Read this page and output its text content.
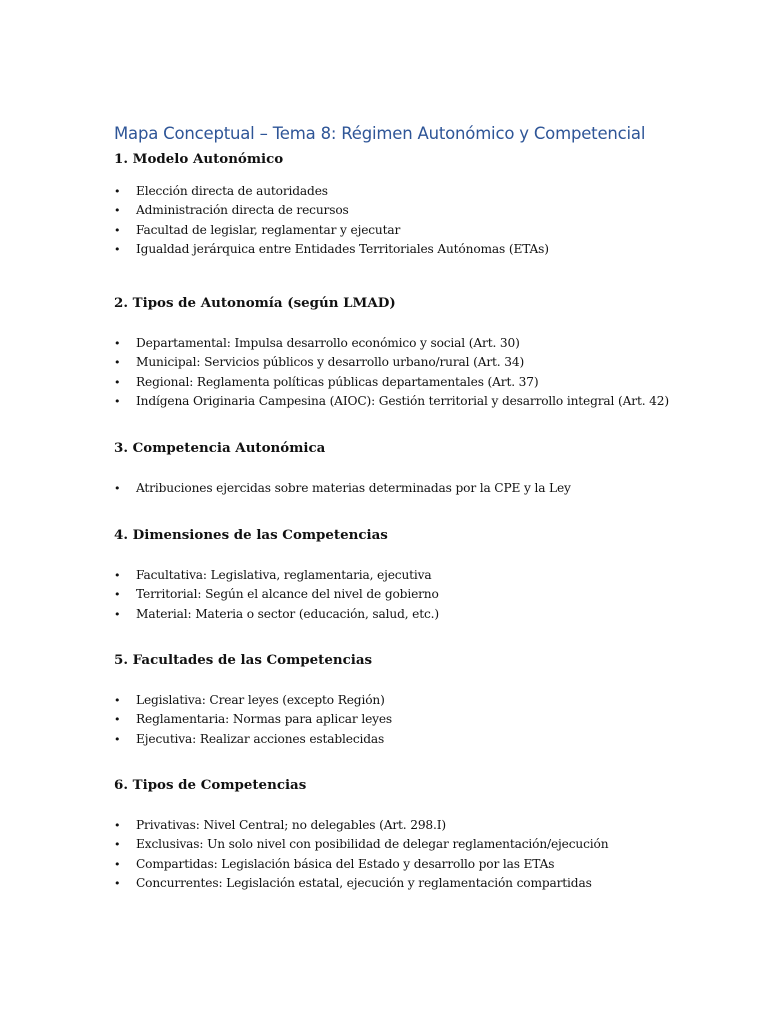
Mapa Conceptual – Tema 8: Régimen Autonómico y Competencial
1. Modelo Autonómico
• Elección directa de autoridades
• Administración directa de recursos
• Facultad de legislar, reglamentar y ejecutar
• Igualdad jerárquica entre Entidades Territoriales Autónomas (ETAs)
2. Tipos de Autonomía (según LMAD)
• Departamental: Impulsa desarrollo económico y social (Art. 30)
• Municipal: Servicios públicos y desarrollo urbano/rural (Art. 34)
• Regional: Reglamenta políticas públicas departamentales (Art. 37)
• Indígena Originaria Campesina (AIOC): Gestión territorial y desarrollo integral (Art. 42)
3. Competencia Autonómica
• Atribuciones ejercidas sobre materias determinadas por la CPE y la Ley
4. Dimensiones de las Competencias
• Facultativa: Legislativa, reglamentaria, ejecutiva
• Territorial: Según el alcance del nivel de gobierno
• Material: Materia o sector (educación, salud, etc.)
5. Facultades de las Competencias
• Legislativa: Crear leyes (excepto Región)
• Reglamentaria: Normas para aplicar leyes
• Ejecutiva: Realizar acciones establecidas
6. Tipos de Competencias
• Privativas: Nivel Central; no delegables (Art. 298.I)
• Exclusivas: Un solo nivel con posibilidad de delegar reglamentación/ejecución
• Compartidas: Legislación básica del Estado y desarrollo por las ETAs
• Concurrentes: Legislación estatal, ejecución y reglamentación compartidas
